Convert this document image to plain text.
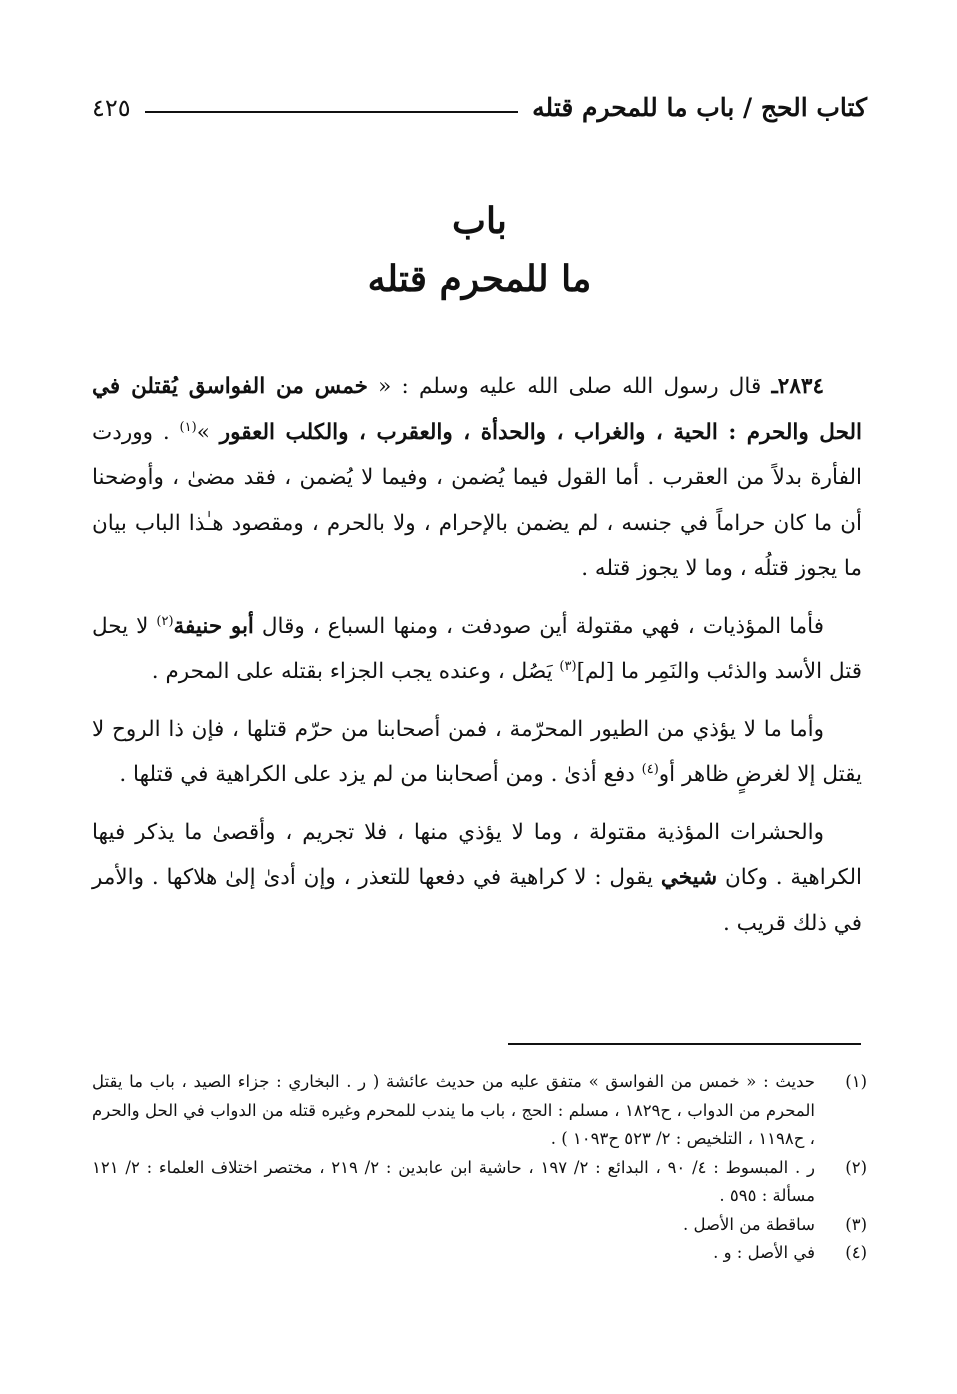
كتاب الحج / باب ما للمحرم قتله
٤٢٥
باب
ما للمحرم قتله

٢٨٣٤ـ قال رسول الله صلى الله عليه وسلم : « خمس من الفواسق يُقتلن في الحل والحرم : الحية ، والغراب ، والحدأة ، والعقرب ، والكلب العقور »$^{(١)}$ . ووردت الفأرة بدلاً من العقرب . أما القول فيما يُضمن ، وفيما لا يُضمن ، فقد مضىٰ ، وأوضحنا أن ما كان حراماً في جنسه ، لم يضمن بالإحرام ، ولا بالحرم ، ومقصود هـٰذا الباب بيان ما يجوز قتلُه ، وما لا يجوز قتله .

فأما المؤذيات ، فهي مقتولة أين صودفت ، ومنها السباع ، وقال أبو حنيفة$^{(٢)}$ لا يحل قتل الأسد والذئب والنَمِر ما [لم]$^{(٣)}$ يَصُل ، وعنده يجب الجزاء بقتله على المحرم .

وأما ما لا يؤذي من الطيور المحرّمة ، فمن أصحابنا من حرّم قتلها ، فإن ذا الروح لا يقتل إلا لغرضٍ ظاهر أو$^{(٤)}$ دفع أذىٰ . ومن أصحابنا من لم يزد على الكراهية في قتلها .

والحشرات المؤذية مقتولة ، وما لا يؤذي منها ، فلا تجريم ، وأقصىٰ ما يذكر فيها الكراهية . وكان شيخي يقول : لا كراهية في دفعها للتعذر ، وإن أدىٰ إلىٰ هلاكها . والأمر في ذلك قريب .

(١)
حديث : « خمس من الفواسق » متفق عليه من حديث عائشة ( ر . البخاري : جزاء الصيد ، باب ما يقتل المحرم من الدواب ، ح١٨٢٩ ، مسلم : الحج ، باب ما يندب للمحرم وغيره قتله من الدواب في الحل والحرم ، ح١١٩٨ ، التلخيص : ٢/ ٥٢٣ ح١٠٩٣ ) .
(٢)
ر . المبسوط : ٤/ ٩٠ ، البدائع : ٢/ ١٩٧ ، حاشية ابن عابدين : ٢/ ٢١٩ ، مختصر اختلاف العلماء : ٢/ ١٢١ مسألة : ٥٩٥ .
(٣)
ساقطة من الأصل .
(٤)
في الأصل : و .
